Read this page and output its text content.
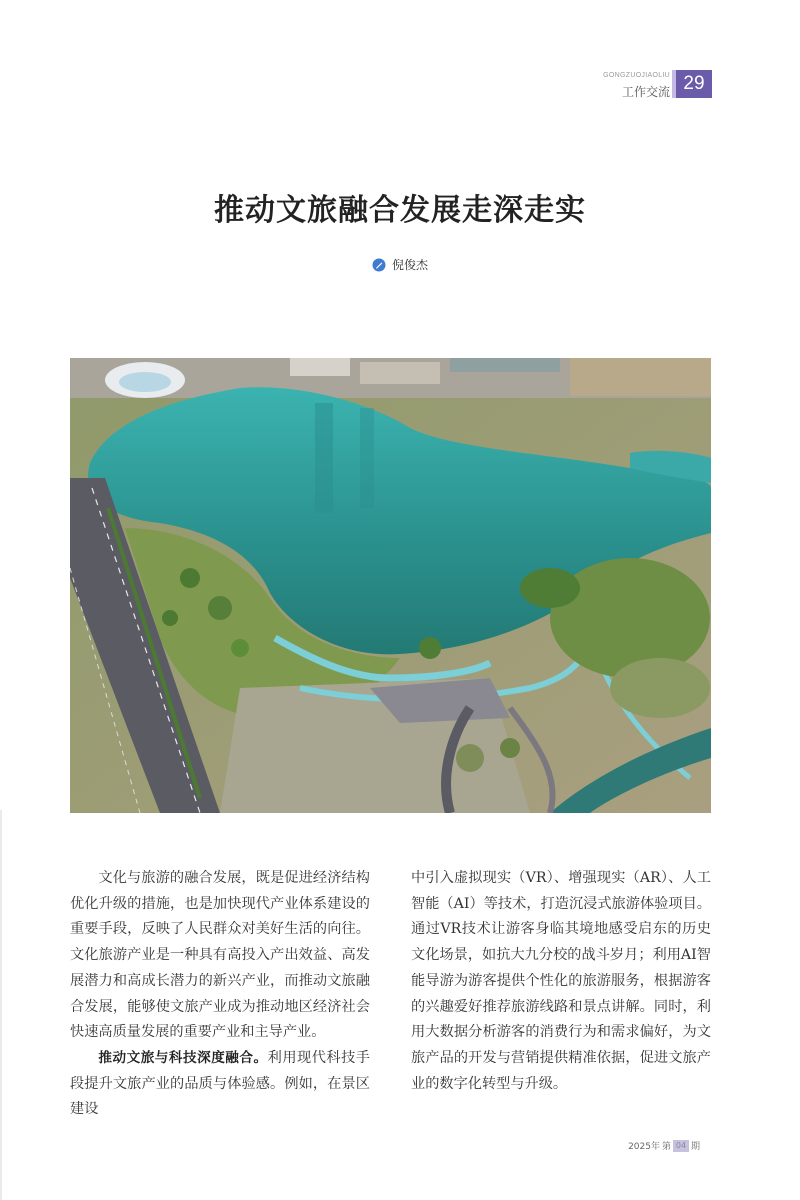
GONGZUOJIAOLIU
工作交流 29
推动文旅融合发展走深走实
倪俊杰

文化与旅游的融合发展，既是促进经济结构优化升级的措施，也是加快现代产业体系建设的重要手段，反映了人民群众对美好生活的向往。文化旅游产业是一种具有高投入产出效益、高发展潜力和高成长潜力的新兴产业，而推动文旅融合发展，能够使文旅产业成为推动地区经济社会快速高质量发展的重要产业和主导产业。

推动文旅与科技深度融合。利用现代科技手段提升文旅产业的品质与体验感。例如，在景区建设

中引入虚拟现实（VR）、增强现实（AR）、人工智能（AI）等技术，打造沉浸式旅游体验项目。通过VR技术让游客身临其境地感受启东的历史文化场景，如抗大九分校的战斗岁月；利用AI智能导游为游客提供个性化的旅游服务，根据游客的兴趣爱好推荐旅游线路和景点讲解。同时，利用大数据分析游客的消费行为和需求偏好，为文旅产品的开发与营销提供精准依据，促进文旅产业的数字化转型与升级。

2025年 第 04 期
